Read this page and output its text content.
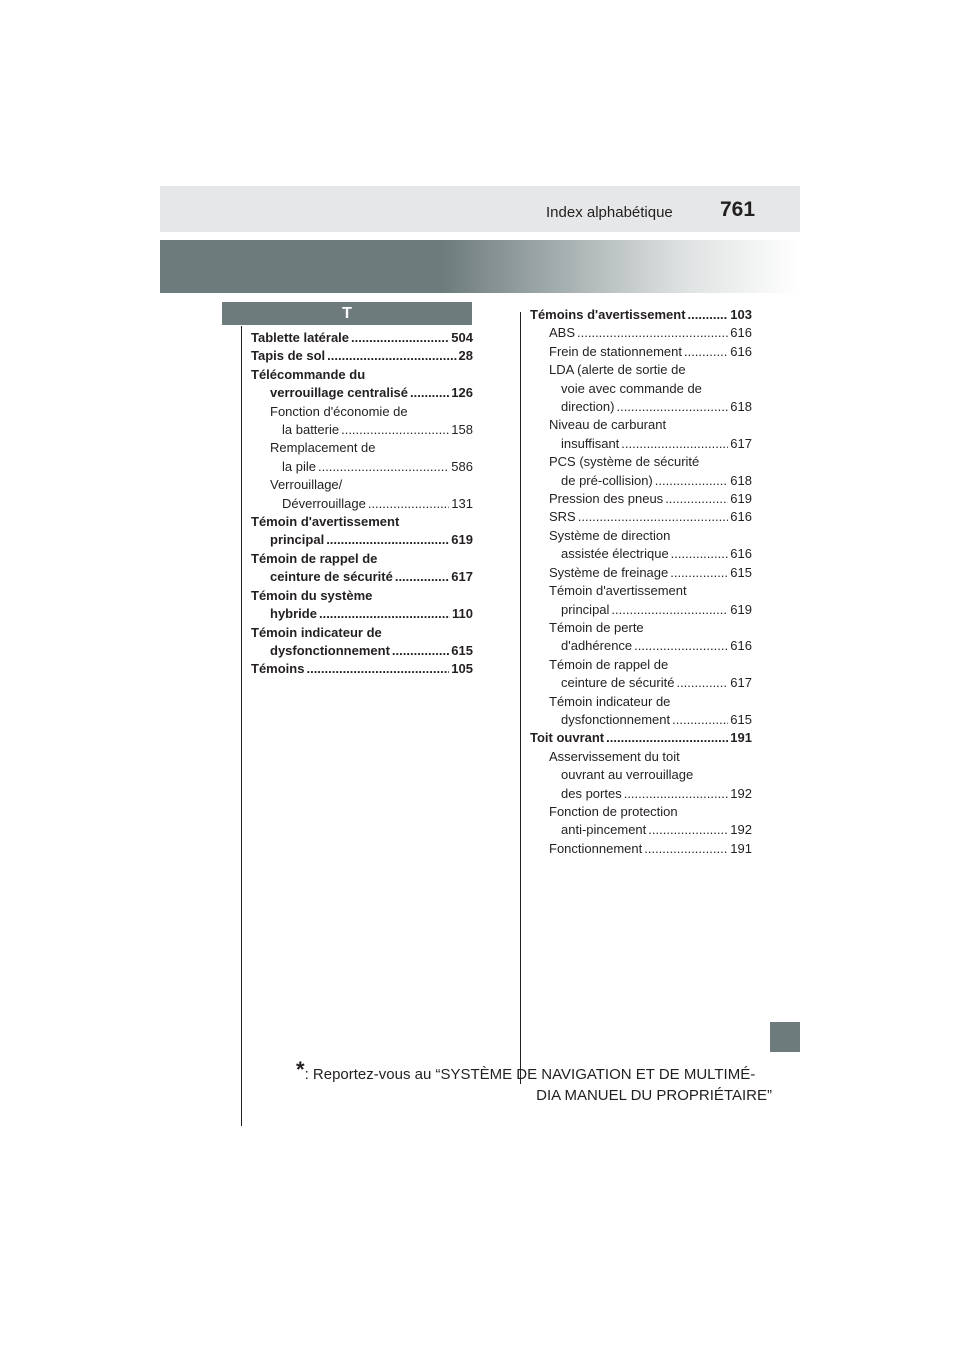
Index alphabétique 761
T
Tablette latérale .....	504
Tapis de sol .....	28
Télécommande du
verrouillage centralisé .....	126
Fonction d'économie de
la batterie .....	158
Remplacement de
la pile .....	586
Verrouillage/
Déverrouillage .....	131
Témoin d'avertissement
principal .....	619
Témoin de rappel de
ceinture de sécurité .....	617
Témoin du système
hybride .....	110
Témoin indicateur de
dysfonctionnement .....	615
Témoins .....	105
Témoins d'avertissement .....	103
ABS .....	616
Frein de stationnement .....	616
LDA (alerte de sortie de
voie avec commande de
direction) .....	618
Niveau de carburant
insuffisant .....	617
PCS (système de sécurité
de pré-collision) .....	618
Pression des pneus .....	619
SRS .....	616
Système de direction
assistée électrique .....	616
Système de freinage .....	615
Témoin d'avertissement
principal .....	619
Témoin de perte
d'adhérence .....	616
Témoin de rappel de
ceinture de sécurité .....	617
Témoin indicateur de
dysfonctionnement .....	615
Toit ouvrant .....	191
Asservissement du toit
ouvrant au verrouillage
des portes .....	192
Fonction de protection
anti-pincement .....	192
Fonctionnement .....	191
*: Reportez-vous au “SYSTÈME DE NAVIGATION ET DE MULTIMÉ-
DIA MANUEL DU PROPRIÉTAIRE”
